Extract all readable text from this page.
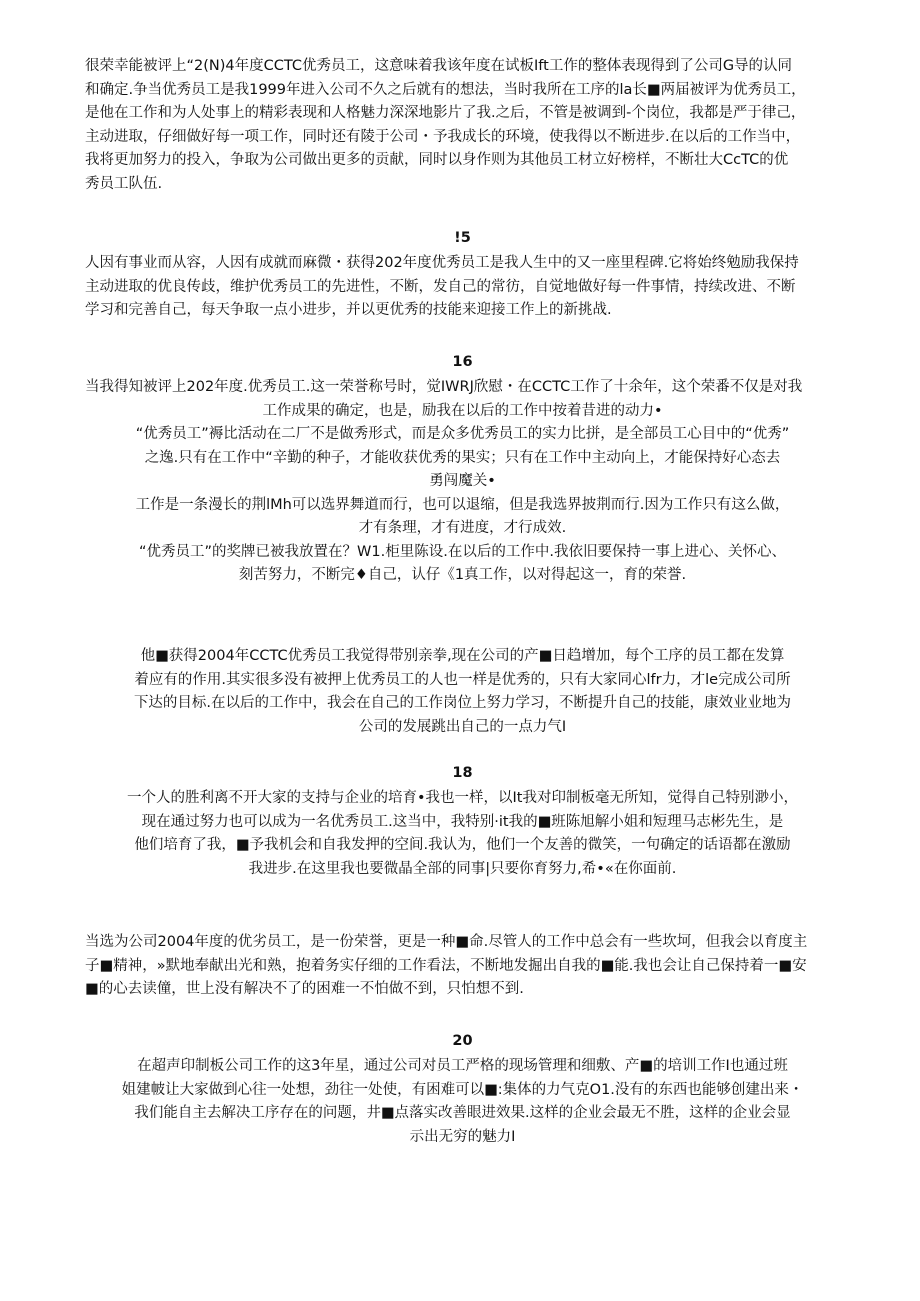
很荣幸能被评上“2(N)4年度CCTC优秀员工，这意味着我该年度在试板Ift工作的整体表现得到了公司G导的认同
和确定.争当优秀员工是我1999年进入公司不久之后就有的想法，当时我所在工序的la长■两届被评为优秀员工，
是他在工作和为人处事上的精彩表现和人格魅力深深地影片了我.之后，不管是被调到-个岗位，我都是严于律己，
主动进取，仔细做好每一项工作，同时还有陵于公司・予我成长的环境，使我得以不断进步.在以后的工作当中，
我将更加努力的投入，争取为公司做出更多的贡献，同时以身作则为其他员工材立好榜样，不断壮大CcTC的优
秀员工队伍.
!5
人因有事业而从容，人因有成就而麻微・获得202年度优秀员工是我人生中的又一座里程碑.它将始终勉励我保持
主动进取的优良传歧，维护优秀员工的先进性，不断，发自己的常彷，自觉地做好每一件事情，持续改进、不断
学习和完善自己，每天争取一点小进步，并以更优秀的技能来迎接工作上的新挑战.
16
当我得知被评上202年度.优秀员工.这一荣誉称号时，觉IWRJ欣慰・在CCTC工作了十余年，这个荣番不仅是对我
工作成果的确定，也是，励我在以后的工作中按着昔进的动力•
“优秀员工”褥比活动在二厂不是做秀形式，而是众多优秀员工的实力比拼，是全部员工心目中的“优秀”
之逸.只有在工作中“辛勤的种子，才能收获优秀的果实；只有在工作中主动向上，才能保持好心态去
勇闯魔关•
工作是一条漫长的荆lMh可以选界舞道而行，也可以退缩，但是我选界披荆而行.因为工作只有这么做，
才有条理，才有进度，才行成效.
“优秀员工”的奖牌已被我放置在？W1.柜里陈设.在以后的工作中.我依旧要保持一事上进心、关怀心、
刻苦努力，不断完♦自己，认仔《1真工作，以对得起这一，育的荣誉.
他■获得2004年CCTC优秀员工我觉得带别亲拳,现在公司的产■日趋增加，每个工序的员工都在发算
着应有的作用.其实很多没有被押上优秀员工的人也一样是优秀的，只有大家同心lfr力，才le完成公司所
下达的目标.在以后的工作中，我会在自己的工作岗位上努力学习，不断提升自己的技能，康效业业地为
公司的发展跳出自己的一点力气I
18
一个人的胜利离不开大家的支持与企业的培育•我也一样，以It我对印制板毫无所知，觉得自己特别渺小，
现在通过努力也可以成为一名优秀员工.这当中，我特别·it我的■班陈旭解小姐和短理马志彬先生，是
他们培育了我，■予我机会和自我发押的空间.我认为，他们一个友善的微笑，一句确定的话语都在激励
我进步.在这里我也要微晶全部的同事|只要你育努力,希•«在你面前.
当选为公司2004年度的优劣员工，是一份荣誉，更是一种■命.尽管人的工作中总会有一些坎坷，但我会以育度主
子■精神，»默地奉献出光和熟，抱着务实仔细的工作看法，不断地发掘出自我的■能.我也会让自己保持着一■安
■的心去读僮，世上没有解决不了的困难一不怕做不到，只怕想不到.
20
在超声印制板公司工作的这3年星，通过公司对员工严格的现场管理和细敷、产■的培训工作I也通过班
姐建帔让大家做到心往一处想，劲往一处使，有困难可以■:集体的力气克O1.没有的东西也能够创建出来・
我们能自主去解决工序存在的问题，井■点落实改善眼进效果.这样的企业会最无不胜，这样的企业会显
示出无穷的魅力I
